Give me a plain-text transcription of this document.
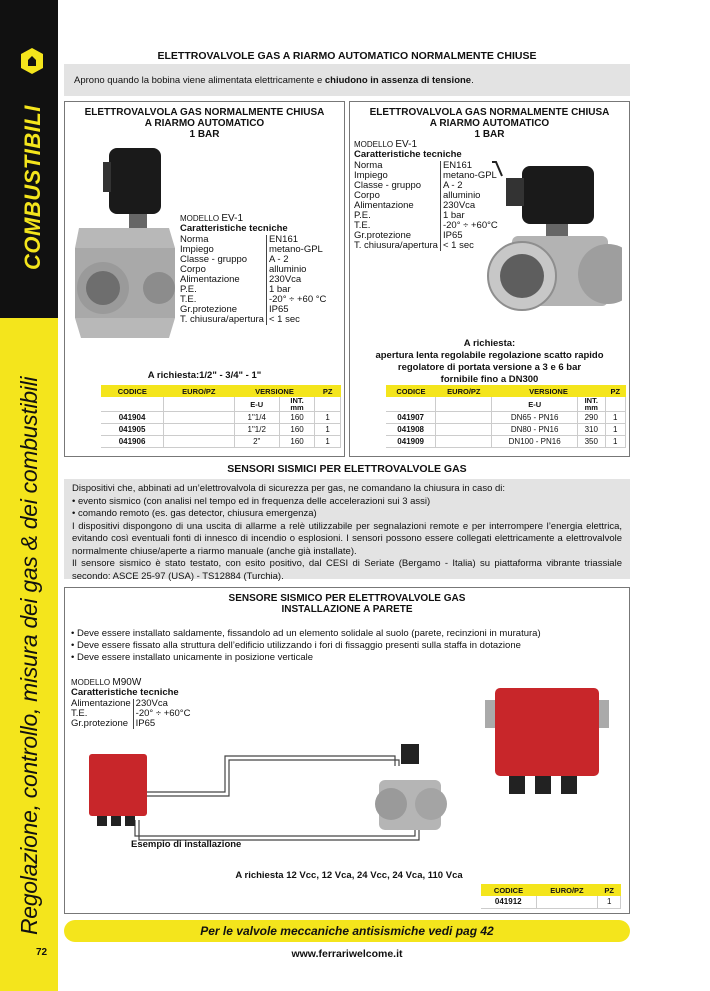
COMBUSTIBILI
Regolazione, controllo, misura dei gas & dei combustibili
72
ELETTROVALVOLE GAS A RIARMO AUTOMATICO NORMALMENTE CHIUSE
Aprono quando la bobina viene alimentata elettricamente e chiudono in assenza di tensione.
ELETTROVALVOLA GAS NORMALMENTE CHIUSA
A RIARMO AUTOMATICO
1 BAR
MODELLO EV-1
Caratteristiche tecniche
Norma	EN161
Impiego	metano-GPL
Classe - gruppo	A - 2
Corpo	alluminio
Alimentazione	230Vca
P.E.	1 bar
T.E.	-20° ÷ +60 °C
Gr.protezione	IP65
T. chiusura/apertura	< 1 sec
A richiesta:1/2" - 3/4" - 1"
CODICE	EURO/PZ	VERSIONE		PZ
		E-U	INT.
mm	
041904		1"1/4	160	1
041905		1"1/2	160	1
041906		2"	160	1
ELETTROVALVOLA GAS NORMALMENTE CHIUSA
A RIARMO AUTOMATICO
1 BAR
MODELLO EV-1
Caratteristiche tecniche
Norma	EN161
Impiego	metano-GPL
Classe - gruppo	A - 2
Corpo	alluminio
Alimentazione	230Vca
P.E.	1 bar
T.E.	-20° ÷ +60°C
Gr.protezione	IP65
T. chiusura/apertura	< 1 sec
A richiesta:
apertura lenta regolabile regolazione scatto rapido
regolatore di portata versione a 3 e 6 bar
fornibile fino a DN300
CODICE	EURO/PZ	VERSIONE		PZ
		E-U	INT.
mm	
041907		DN65 - PN16	290	1
041908		DN80 - PN16	310	1
041909		DN100 - PN16	350	1
SENSORI SISMICI PER ELETTROVALVOLE GAS
Dispositivi che, abbinati ad un’elettrovalvola di sicurezza per gas, ne comandano la chiusura in caso di:
• evento sismico (con analisi nel tempo ed in frequenza delle accelerazioni sui 3 assi)
• comando remoto (es. gas detector, chiusura emergenza)
I dispositivi dispongono di una uscita di allarme a relè utilizzabile per segnalazioni remote e per interrompere l’energia elettrica, evitando così eventuali fonti di innesco di incendio o esplosioni. I sensori possono essere collegati elettricamente a elettrovalvole normalmente chiuse/aperte a riarmo manuale (anche già installate).
Il sensore sismico è stato testato, con esito positivo, dal CESI di Seriate (Bergamo - Italia) su piattaforma vibrante triassiale secondo: ASCE 25-97 (USA) - TS12884 (Turchia).
SENSORE SISMICO PER ELETTROVALVOLE GAS
INSTALLAZIONE A PARETE
• Deve essere installato saldamente, fissandolo ad un elemento solidale al suolo (parete, recinzioni in muratura)
• Deve essere fissato alla struttura dell’edificio utilizzando i fori di fissaggio presenti sulla staffa in dotazione
• Deve essere installato unicamente in posizione verticale
MODELLO M90W
Caratteristiche tecniche
Alimentazione	230Vca
T.E.	-20° ÷ +60°C
Gr.protezione	IP65
Esempio di installazione
A richiesta 12 Vcc, 12 Vca, 24 Vcc, 24 Vca, 110 Vca
CODICE	EURO/PZ	PZ
041912		1
Per le valvole meccaniche antisismiche vedi pag 42
www.ferrariwelcome.it
